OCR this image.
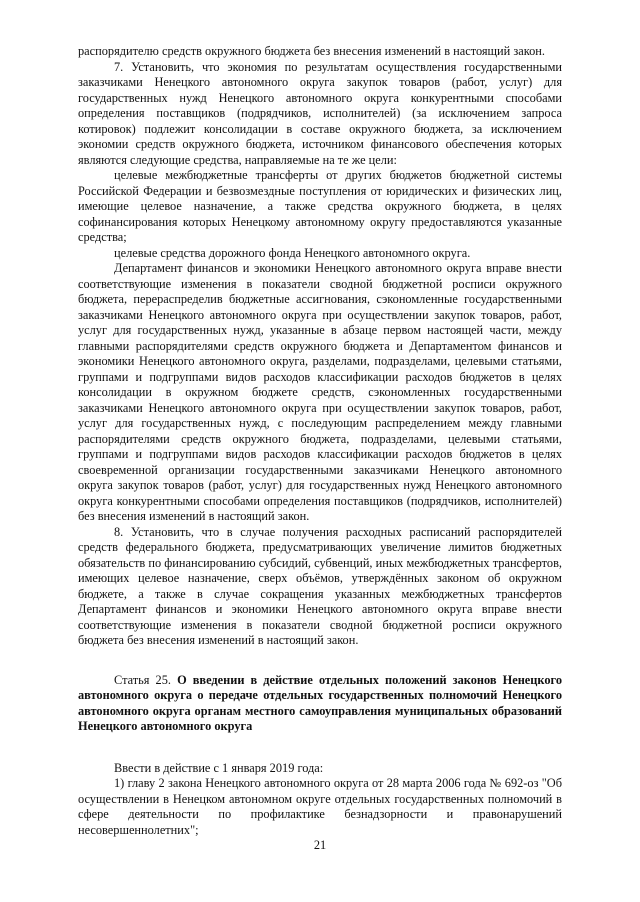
распорядителю средств окружного бюджета без внесения изменений в настоящий закон.

7. Установить, что экономия по результатам осуществления государственными заказчиками Ненецкого автономного округа закупок товаров (работ, услуг) для государственных нужд Ненецкого автономного округа конкурентными способами определения поставщиков (подрядчиков, исполнителей) (за исключением запроса котировок) подлежит консолидации в составе окружного бюджета, за исключением экономии средств окружного бюджета, источником финансового обеспечения которых являются следующие средства, направляемые на те же цели:

целевые межбюджетные трансферты от других бюджетов бюджетной системы Российской Федерации и безвозмездные поступления от юридических и физических лиц, имеющие целевое назначение, а также средства окружного бюджета, в целях софинансирования которых Ненецкому автономному округу предоставляются указанные средства;

целевые средства дорожного фонда Ненецкого автономного округа.

Департамент финансов и экономики Ненецкого автономного округа вправе внести соответствующие изменения в показатели сводной бюджетной росписи окружного бюджета, перераспределив бюджетные ассигнования, сэкономленные государственными заказчиками Ненецкого автономного округа при осуществлении закупок товаров, работ, услуг для государственных нужд, указанные в абзаце первом настоящей части, между главными распорядителями средств окружного бюджета и Департаментом финансов и экономики Ненецкого автономного округа, разделами, подразделами, целевыми статьями, группами и подгруппами видов расходов классификации расходов бюджетов в целях консолидации в окружном бюджете средств, сэкономленных государственными заказчиками Ненецкого автономного округа при осуществлении закупок товаров, работ, услуг для государственных нужд, с последующим распределением между главными распорядителями средств окружного бюджета, подразделами, целевыми статьями, группами и подгруппами видов расходов классификации расходов бюджетов в целях своевременной организации государственными заказчиками Ненецкого автономного округа закупок товаров (работ, услуг) для государственных нужд Ненецкого автономного округа конкурентными способами определения поставщиков (подрядчиков, исполнителей) без внесения изменений в настоящий закон.

8. Установить, что в случае получения расходных расписаний распорядителей средств федерального бюджета, предусматривающих увеличение лимитов бюджетных обязательств по финансированию субсидий, субвенций, иных межбюджетных трансфертов, имеющих целевое назначение, сверх объёмов, утверждённых законом об окружном бюджете, а также в случае сокращения указанных межбюджетных трансфертов Департамент финансов и экономики Ненецкого автономного округа вправе внести соответствующие изменения в показатели сводной бюджетной росписи окружного бюджета без внесения изменений в настоящий закон.

Статья 25. О введении в действие отдельных положений законов Ненецкого автономного округа о передаче отдельных государственных полномочий Ненецкого автономного округа органам местного самоуправления муниципальных образований Ненецкого автономного округа

Ввести в действие с 1 января 2019 года:

1) главу 2 закона Ненецкого автономного округа от 28 марта 2006 года № 692-оз "Об осуществлении в Ненецком автономном округе отдельных государственных полномочий в сфере деятельности по профилактике безнадзорности и правонарушений несовершеннолетних";

21
